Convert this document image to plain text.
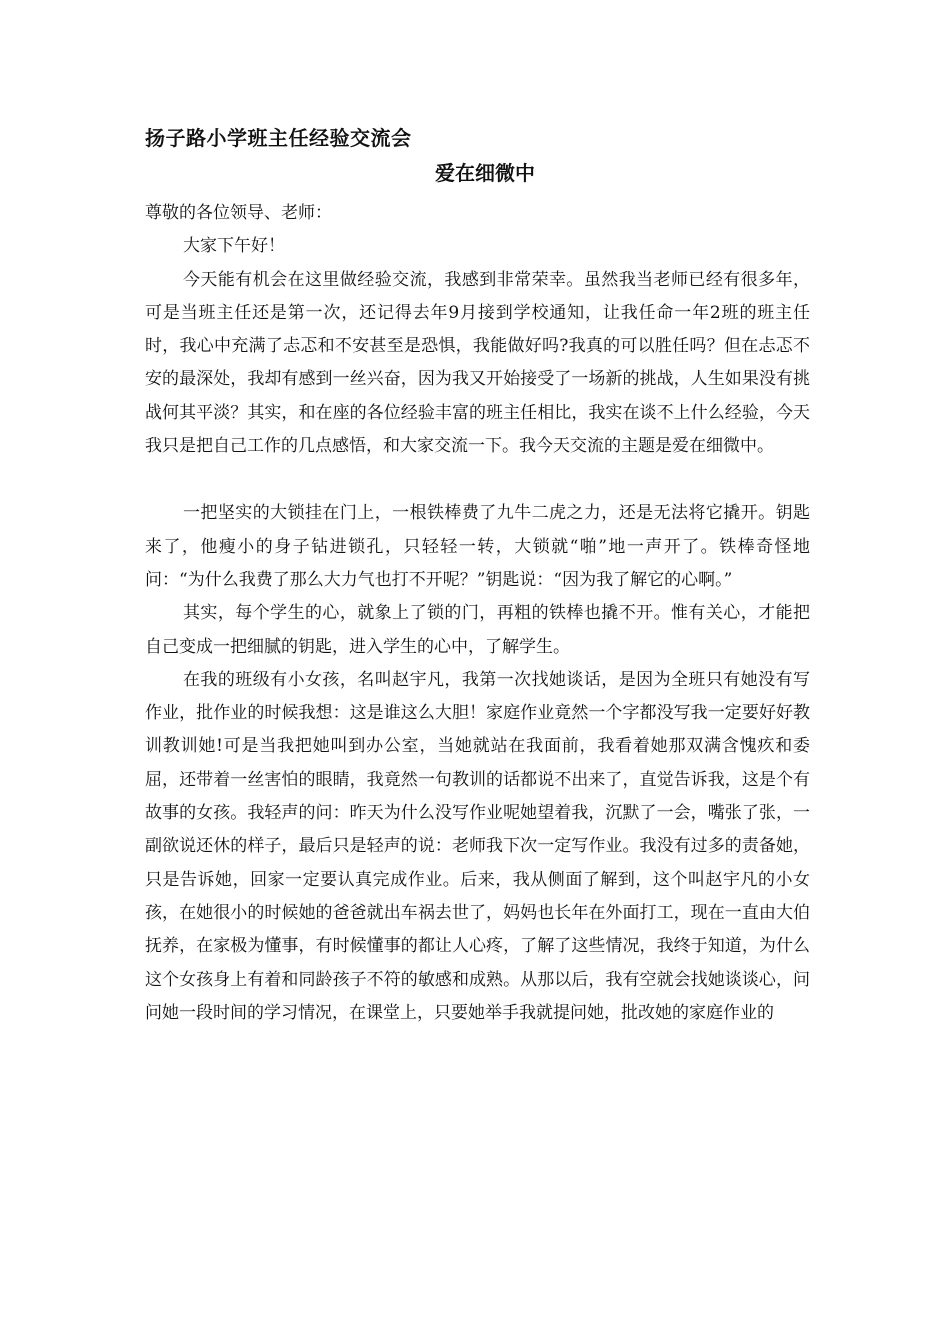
扬子路小学班主任经验交流会
爱在细微中

尊敬的各位领导、老师：

大家下午好！

今天能有机会在这里做经验交流，我感到非常荣幸。虽然我当老师已经有很多年，可是当班主任还是第一次，还记得去年9月接到学校通知，让我任命一年2班的班主任时，我心中充满了忐忑和不安甚至是恐惧，我能做好吗?我真的可以胜任吗？但在忐忑不安的最深处，我却有感到一丝兴奋，因为我又开始接受了一场新的挑战，人生如果没有挑战何其平淡？其实，和在座的各位经验丰富的班主任相比，我实在谈不上什么经验，今天我只是把自己工作的几点感悟，和大家交流一下。我今天交流的主题是爱在细微中。

一把坚实的大锁挂在门上，一根铁棒费了九牛二虎之力，还是无法将它撬开。钥匙来了，他瘦小的身子钻进锁孔，只轻轻一转，大锁就“啪”地一声开了。铁棒奇怪地问：“为什么我费了那么大力气也打不开呢？”钥匙说：“因为我了解它的心啊。”

其实，每个学生的心，就象上了锁的门，再粗的铁棒也撬不开。惟有关心，才能把自己变成一把细腻的钥匙，进入学生的心中，了解学生。

在我的班级有小女孩，名叫赵宇凡，我第一次找她谈话，是因为全班只有她没有写作业，批作业的时候我想：这是谁这么大胆！家庭作业竟然一个字都没写我一定要好好教训教训她!可是当我把她叫到办公室，当她就站在我面前，我看着她那双满含愧疚和委屈，还带着一丝害怕的眼睛，我竟然一句教训的话都说不出来了，直觉告诉我，这是个有故事的女孩。我轻声的问：昨天为什么没写作业呢她望着我，沉默了一会，嘴张了张，一副欲说还休的样子，最后只是轻声的说：老师我下次一定写作业。我没有过多的责备她，只是告诉她，回家一定要认真完成作业。后来，我从侧面了解到，这个叫赵宇凡的小女孩，在她很小的时候她的爸爸就出车祸去世了，妈妈也长年在外面打工，现在一直由大伯抚养，在家极为懂事，有时候懂事的都让人心疼，了解了这些情况，我终于知道，为什么这个女孩身上有着和同龄孩子不符的敏感和成熟。从那以后，我有空就会找她谈谈心，问问她一段时间的学习情况，在课堂上，只要她举手我就提问她，批改她的家庭作业的
